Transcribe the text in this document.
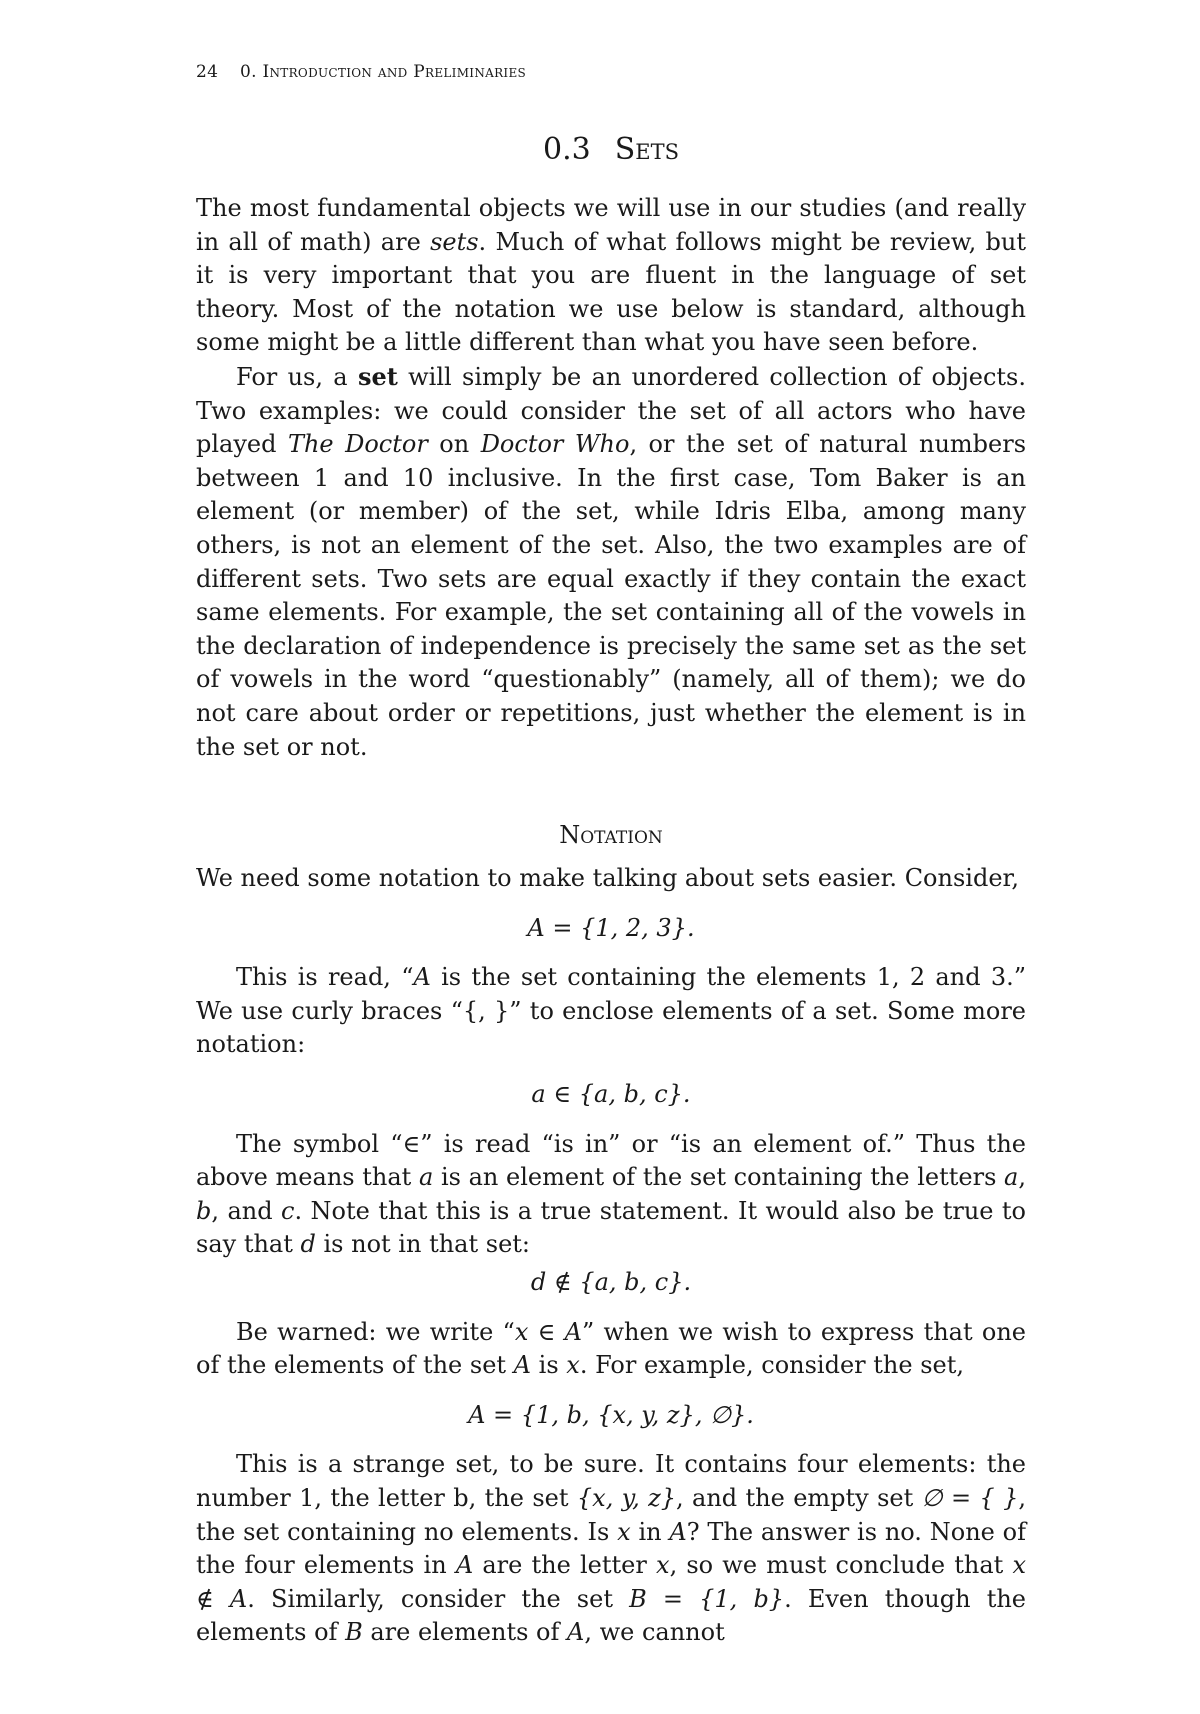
24 0. Introduction and Preliminaries
0.3 Sets

The most fundamental objects we will use in our studies (and really in all of math) are sets. Much of what follows might be review, but it is very important that you are fluent in the language of set theory. Most of the notation we use below is standard, although some might be a little different than what you have seen before.

For us, a set will simply be an unordered collection of objects. Two examples: we could consider the set of all actors who have played The Doctor on Doctor Who, or the set of natural numbers between 1 and 10 inclusive. In the first case, Tom Baker is an element (or member) of the set, while Idris Elba, among many others, is not an element of the set. Also, the two examples are of different sets. Two sets are equal exactly if they contain the exact same elements. For example, the set containing all of the vowels in the declaration of independence is precisely the same set as the set of vowels in the word “questionably” (namely, all of them); we do not care about order or repetitions, just whether the element is in the set or not.

Notation

We need some notation to make talking about sets easier. Consider,

A = {1, 2, 3}.

This is read, “A is the set containing the elements 1, 2 and 3.” We use curly braces “{, }” to enclose elements of a set. Some more notation:

a ∈ {a, b, c}.

The symbol “∈” is read “is in” or “is an element of.” Thus the above means that a is an element of the set containing the letters a, b, and c. Note that this is a true statement. It would also be true to say that d is not in that set:

d ∉ {a, b, c}.

Be warned: we write “x ∈ A” when we wish to express that one of the elements of the set A is x. For example, consider the set,

A = {1, b, {x, y, z}, ∅}.

This is a strange set, to be sure. It contains four elements: the number 1, the letter b, the set {x, y, z}, and the empty set ∅ = { }, the set containing no elements. Is x in A? The answer is no. None of the four elements in A are the letter x, so we must conclude that x ∉ A. Similarly, consider the set B = {1, b}. Even though the elements of B are elements of A, we cannot
